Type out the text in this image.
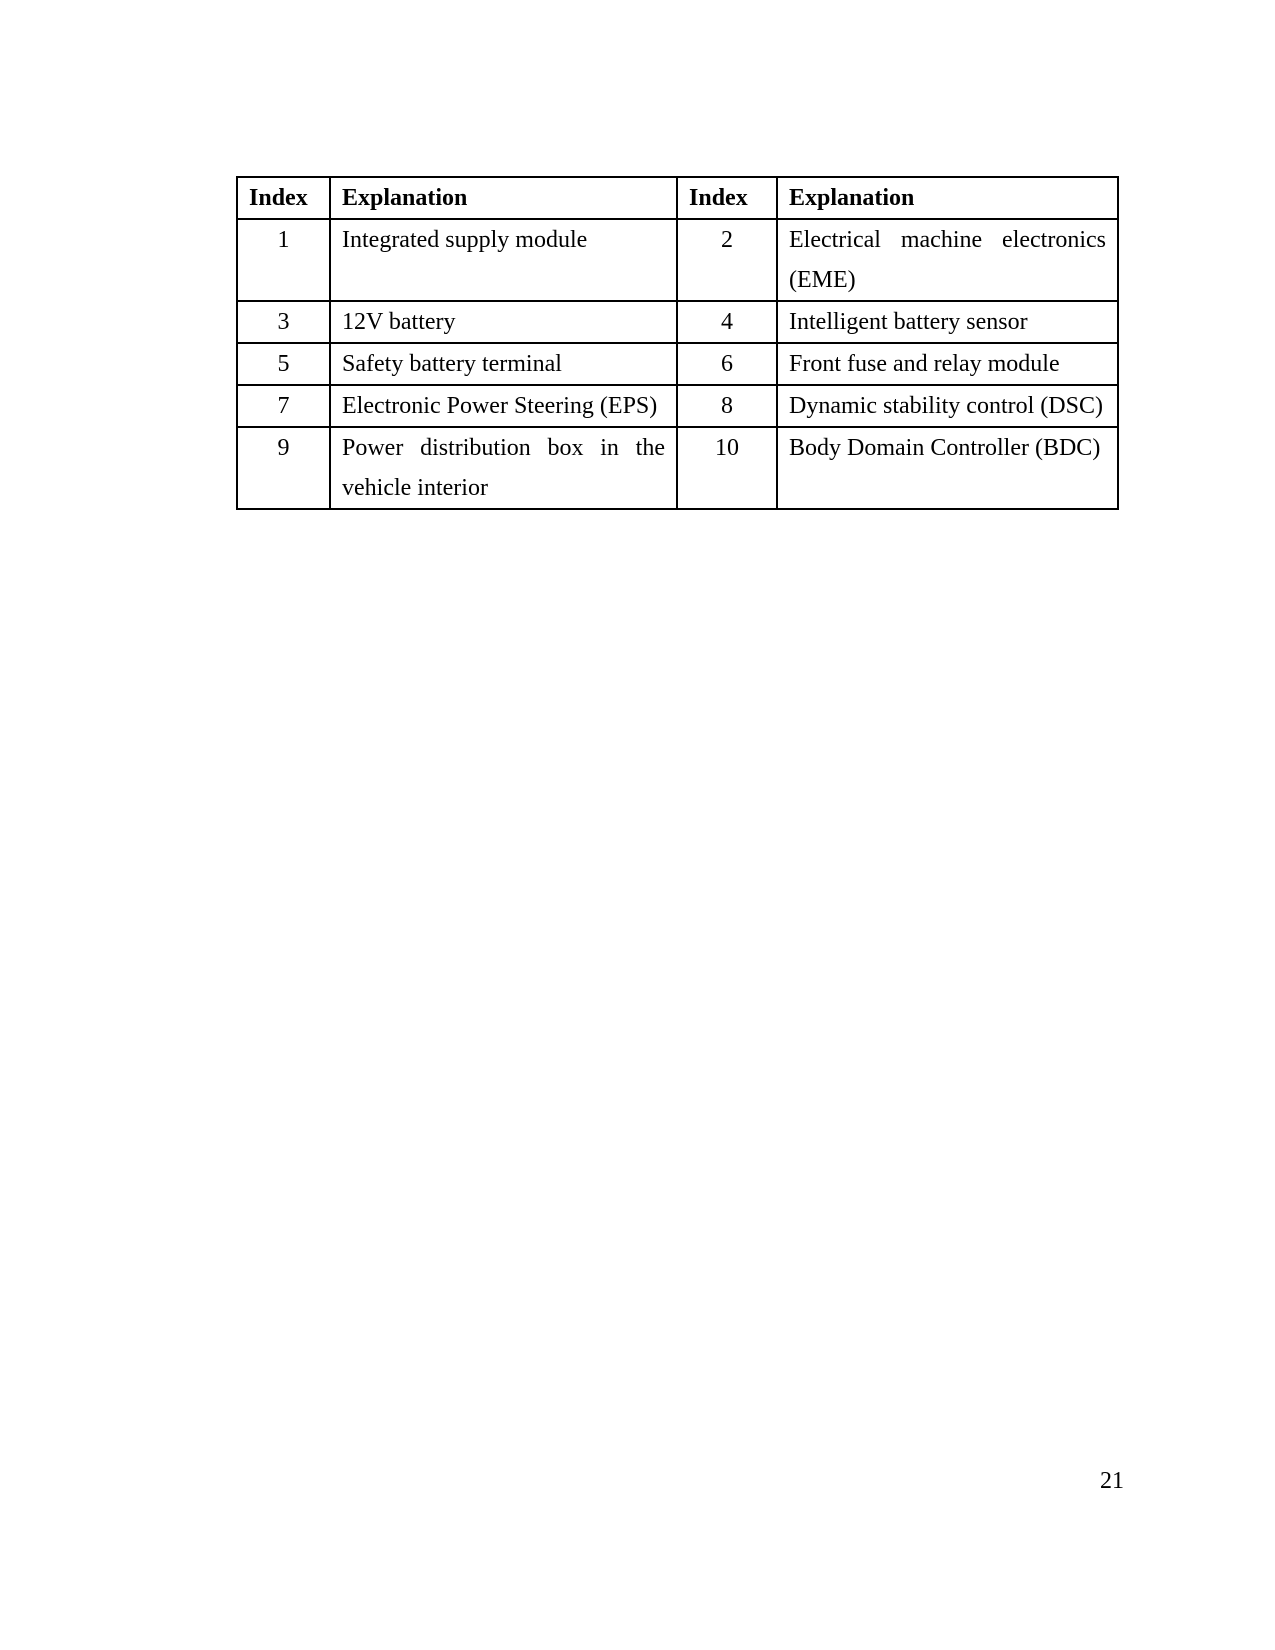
Index	Explanation	Index	Explanation
1	Integrated supply module	2	Electrical machine electronics (EME)
3	12V battery	4	Intelligent battery sensor
5	Safety battery terminal	6	Front fuse and relay module
7	Electronic Power Steering (EPS)	8	Dynamic stability control (DSC)
9	Power distribution box in the vehicle interior	10	Body Domain Controller (BDC)
21
